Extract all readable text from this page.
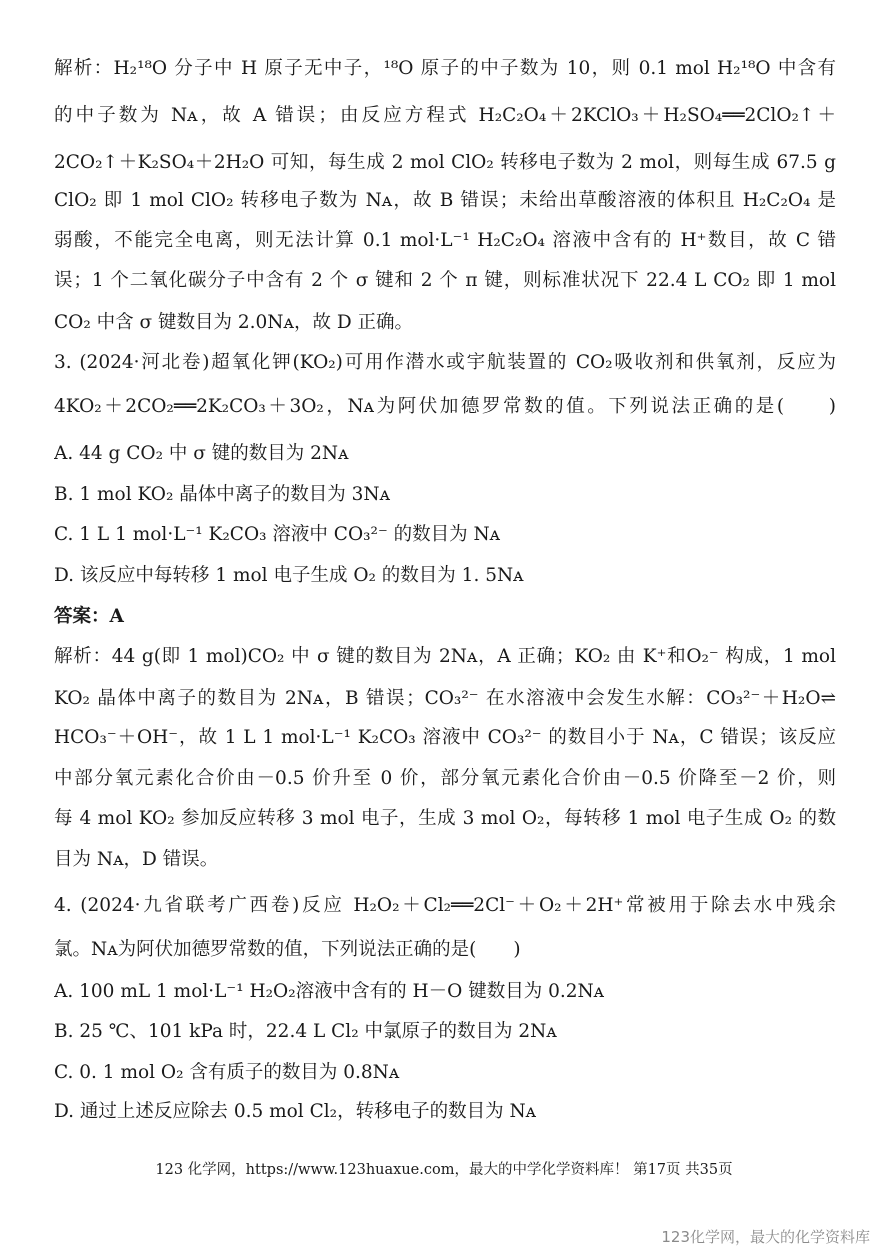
解析：H₂¹⁸O 分子中 H 原子无中子，¹⁸O 原子的中子数为 10，则 0.1 mol H₂¹⁸O 中含有
的中子数为 Nᴀ，故 A 错误；由反应方程式 H₂C₂O₄＋2KClO₃＋H₂SO₄══2ClO₂↑＋
2CO₂↑＋K₂SO₄＋2H₂O 可知，每生成 2 mol ClO₂ 转移电子数为 2 mol，则每生成 67.5 g
ClO₂ 即 1 mol ClO₂ 转移电子数为 Nᴀ，故 B 错误；未给出草酸溶液的体积且 H₂C₂O₄ 是
弱酸，不能完全电离，则无法计算 0.1 mol·L⁻¹ H₂C₂O₄ 溶液中含有的 H⁺数目，故 C 错
误；1 个二氧化碳分子中含有 2 个 σ 键和 2 个 π 键，则标准状况下 22.4 L CO₂ 即 1 mol
CO₂ 中含 σ 键数目为 2.0Nᴀ，故 D 正确。
3. (2024·河北卷)超氧化钾(KO₂)可用作潜水或宇航装置的 CO₂吸收剂和供氧剂，反应为
4KO₂＋2CO₂══2K₂CO₃＋3O₂，Nᴀ为阿伏加德罗常数的值。下列说法正确的是(　　)
A. 44 g CO₂ 中 σ 键的数目为 2Nᴀ
B. 1 mol KO₂ 晶体中离子的数目为 3Nᴀ
C. 1 L 1 mol·L⁻¹ K₂CO₃ 溶液中 CO₃²⁻ 的数目为 Nᴀ
D. 该反应中每转移 1 mol 电子生成 O₂ 的数目为 1. 5Nᴀ
答案：A
解析：44 g(即 1 mol)CO₂ 中 σ 键的数目为 2Nᴀ，A 正确；KO₂ 由 K⁺和O₂⁻ 构成，1 mol
KO₂ 晶体中离子的数目为 2Nᴀ，B 错误；CO₃²⁻ 在水溶液中会发生水解：CO₃²⁻＋H₂O⇌
HCO₃⁻＋OH⁻，故 1 L 1 mol·L⁻¹ K₂CO₃ 溶液中 CO₃²⁻ 的数目小于 Nᴀ，C 错误；该反应
中部分氧元素化合价由－0.5 价升至 0 价，部分氧元素化合价由－0.5 价降至－2 价，则
每 4 mol KO₂ 参加反应转移 3 mol 电子，生成 3 mol O₂，每转移 1 mol 电子生成 O₂ 的数
目为 Nᴀ，D 错误。
4. (2024·九省联考广西卷)反应 H₂O₂＋Cl₂══2Cl⁻＋O₂＋2H⁺常被用于除去水中残余
氯。Nᴀ为阿伏加德罗常数的值，下列说法正确的是(　　)
A. 100 mL 1 mol·L⁻¹ H₂O₂溶液中含有的 H－O 键数目为 0.2Nᴀ
B. 25 ℃、101 kPa 时，22.4 L Cl₂ 中氯原子的数目为 2Nᴀ
C. 0. 1 mol O₂ 含有质子的数目为 0.8Nᴀ
D. 通过上述反应除去 0.5 mol Cl₂，转移电子的数目为 Nᴀ
123 化学网，https://www.123huaxue.com，最大的中学化学资料库！ 第17页 共35页
123化学网，最大的化学资料库
